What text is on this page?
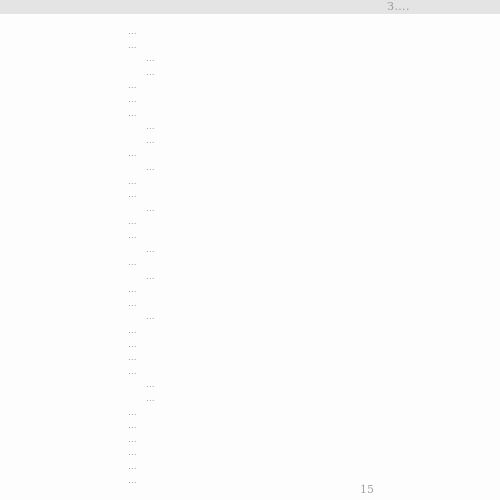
З….
…
…
…
…
…
…
…
…
…
…
…
…
…
…
…
…
…
…
…
…
…
…
…
…
…
…
…
…
…
…
…
…
…
…
15
